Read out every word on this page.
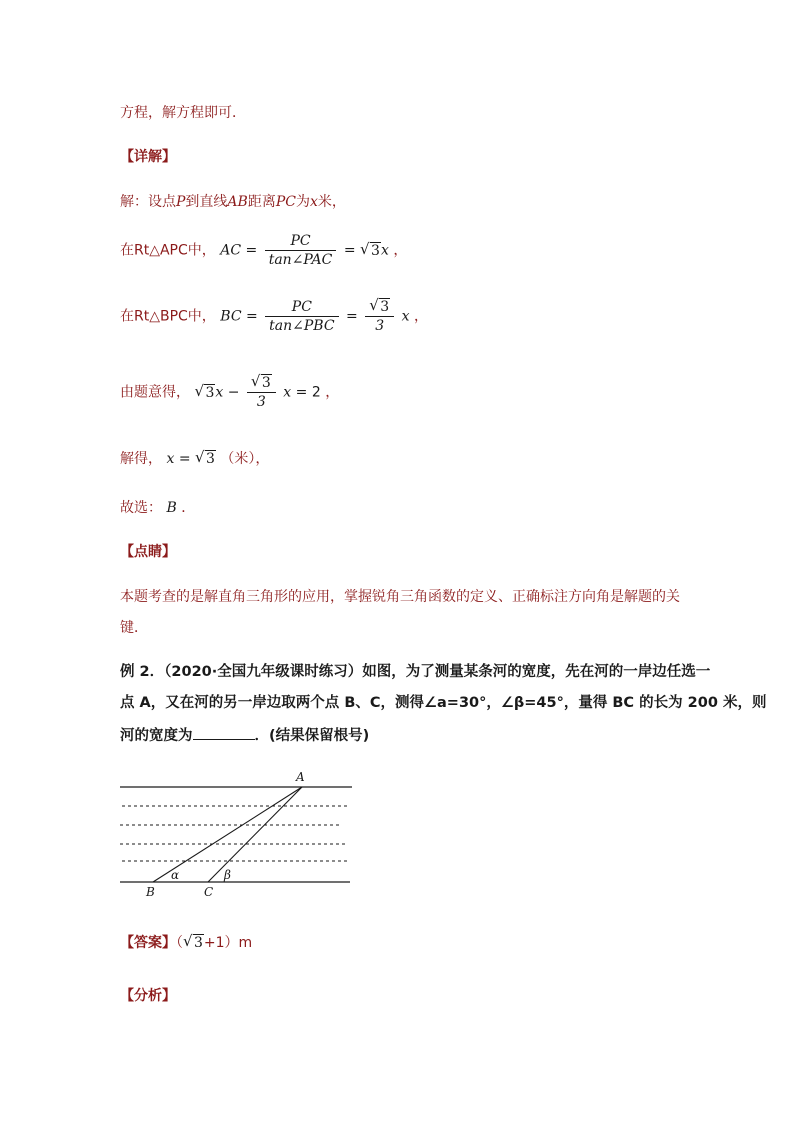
方程，解方程即可．
【详解】
解：设点P到直线AB距离PC为x米，
在Rt△APC中， AC = $\frac{PC}{\text{tan∠PAC}}$ = √ 3x ，
在Rt△BPC中， BC = $\frac{PC}{\text{tan∠PBC}}$ = √ $\frac{3}{3}$ x ，
由题意得， √ 3x − √ $\frac{3}{3}$ x = 2 ，
解得， x = √ 3 （米），
故选： B ．
【点睛】
本题考查的是解直角三角形的应用，掌握锐角三角函数的定义、正确标注方向角是解题的关
键．
例 2．（2020·全国九年级课时练习）如图，为了测量某条河的宽度，先在河的一岸边任选一
点 A，又在河的另一岸边取两个点 B、C，测得∠a=30°，∠β=45°，量得 BC 的长为 200 米，则
河的宽度为	．(结果保留根号)
A
B	C
α	β
【答案】（ √ 3+1）m
【分析】
